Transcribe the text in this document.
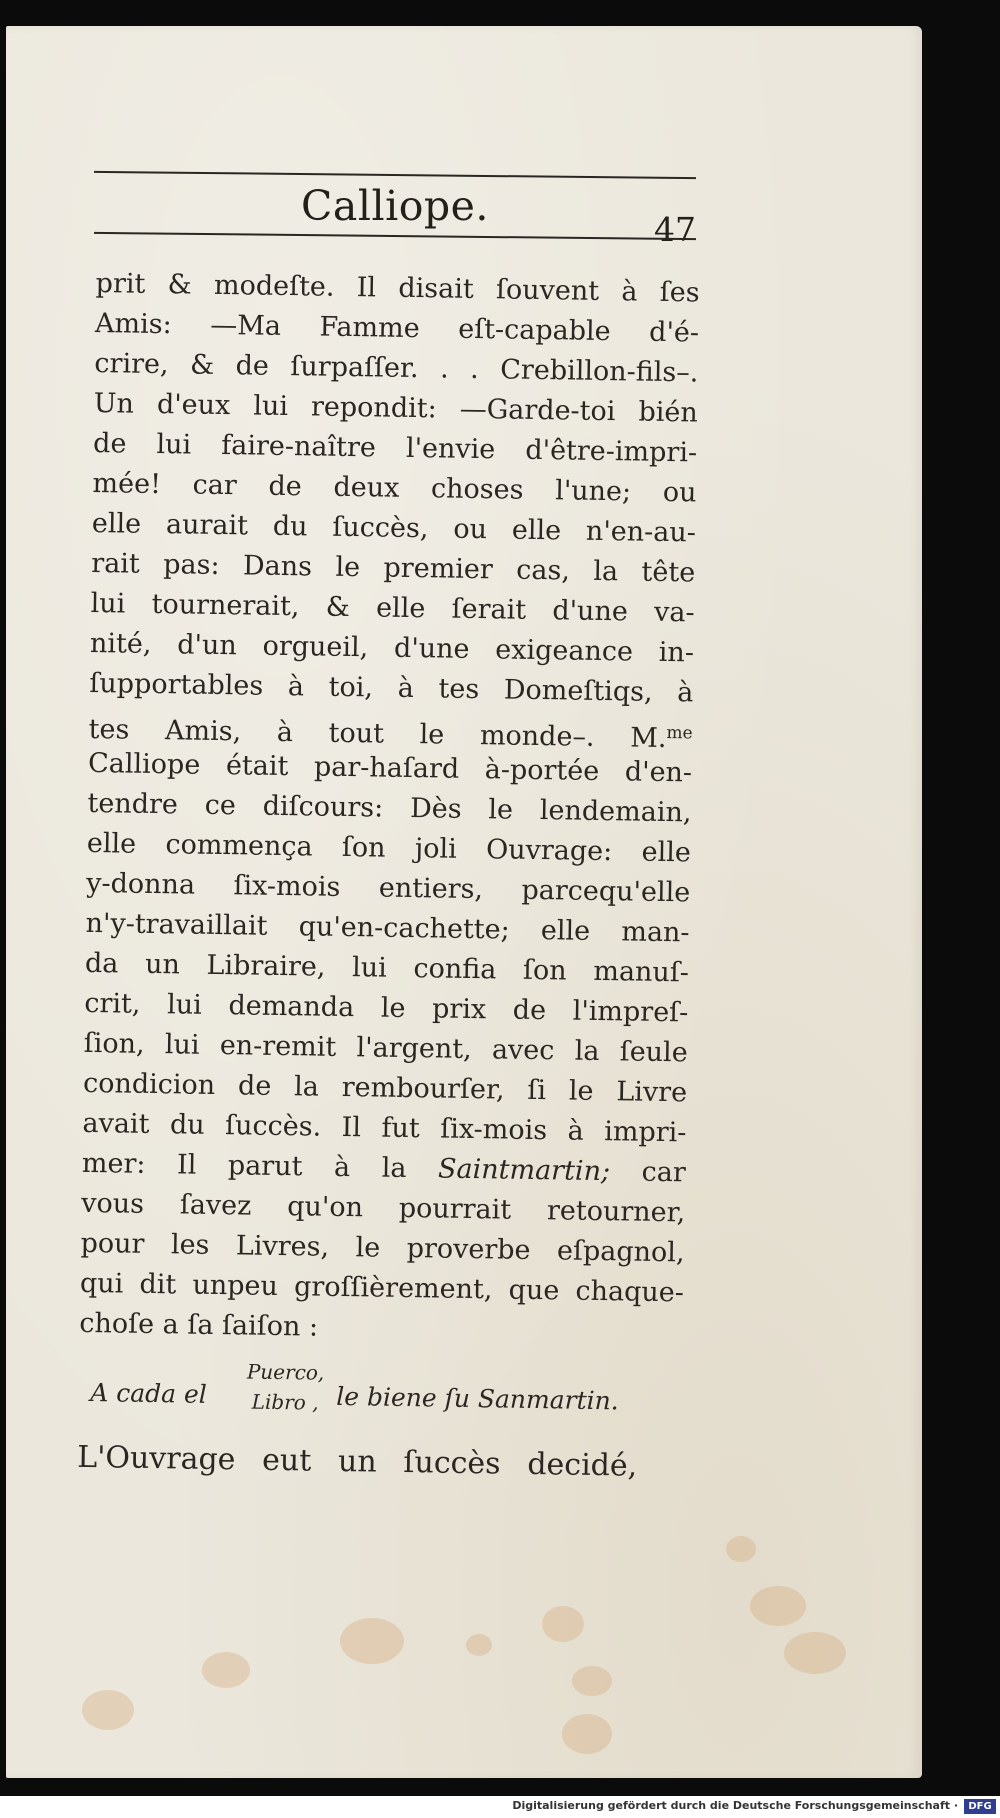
Calliope.	47
prit & modeſte. Il disait ſouvent à ſes
Amis: —Ma Famme eſt-capable d'é-
crire, & de ſurpaſſer. . . Crebillon-fils–.
Un d'eux lui repondit: —Garde-toi bién
de lui faire-naître l'envie d'être-impri-
mée! car de deux choses l'une; ou
elle aurait du ſuccès, ou elle n'en-au-
rait pas: Dans le premier cas, la tête
lui tournerait, & elle ſerait d'une va-
nité, d'un orgueil, d'une exigeance in-
ſupportables à toi, à tes Domeſtiqs, à
tes Amis, à tout le monde–. M.$^{me}$
Calliope était par-haſard à-portée d'en-
tendre ce diſcours: Dès le lendemain,
elle commença ſon joli Ouvrage: elle
y-donna ſix-mois entiers, parcequ'elle
n'y-travaillait qu'en-cachette; elle man-
da un Libraire, lui confia ſon manuſ-
crit, lui demanda le prix de l'impreſ-
ſion, lui en-remit l'argent, avec la ſeule
condicion de la rembourſer, ſi le Livre
avait du ſuccès. Il fut ſix-mois à impri-
mer: Il parut à la Saintmartin; car
vous ſavez qu'on pourrait retourner,
pour les Livres, le proverbe eſpagnol,
qui dit unpeu groſſièrement, que chaque-
choſe a ſa ſaiſon :
A cada el
Puerco,
Libro , le biene ſu Sanmartin.
L'Ouvrage eut un ſuccès decidé,
Digitalisierung gefördert durch die Deutsche Forschungsgemeinschaft ·	DFG
